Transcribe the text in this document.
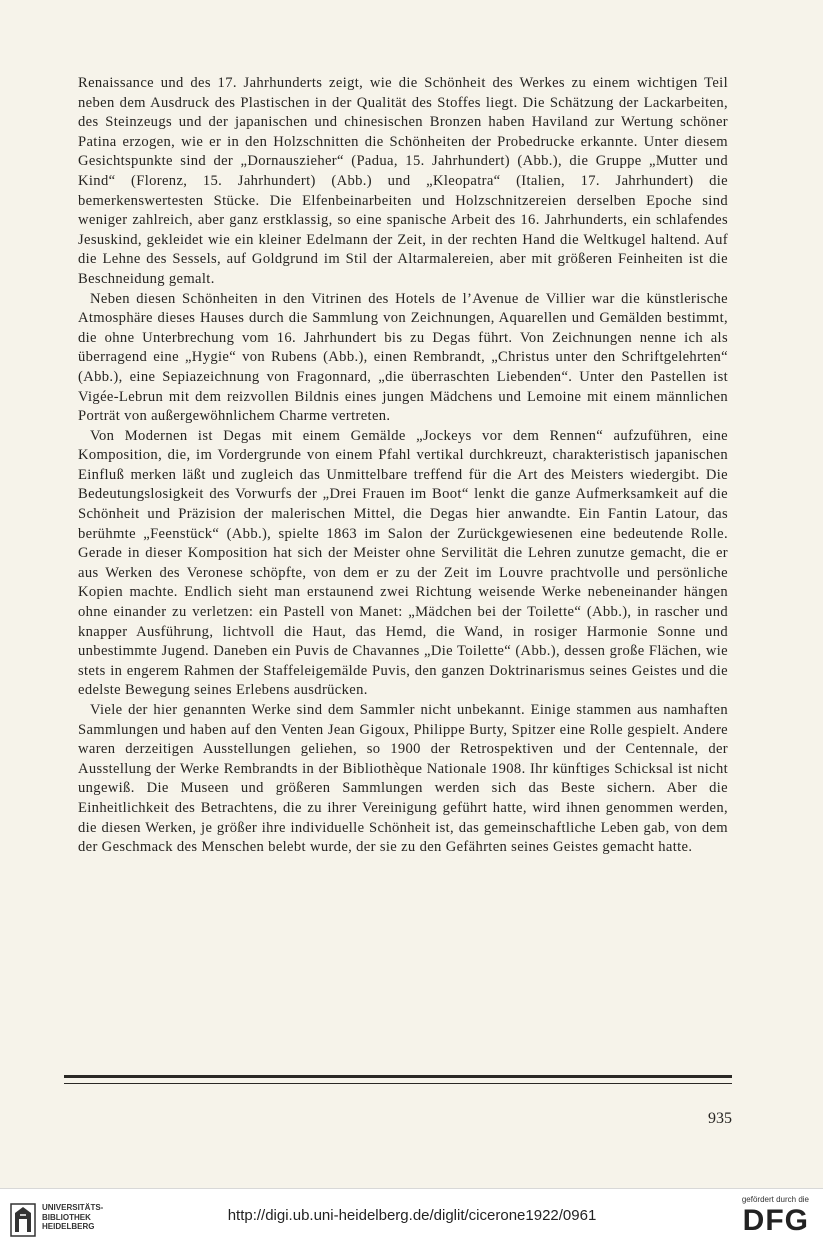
Renaissance und des 17. Jahrhunderts zeigt, wie die Schönheit des Werkes zu einem wichtigen Teil neben dem Ausdruck des Plastischen in der Qualität des Stoffes liegt. Die Schätzung der Lackarbeiten, des Steinzeugs und der japanischen und chinesischen Bronzen haben Haviland zur Wertung schöner Patina erzogen, wie er in den Holzschnitten die Schönheiten der Probedrucke erkannte. Unter diesem Gesichtspunkte sind der „Dornauszieher“ (Padua, 15. Jahrhundert) (Abb.), die Gruppe „Mutter und Kind“ (Florenz, 15. Jahrhundert) (Abb.) und „Kleopatra“ (Italien, 17. Jahrhundert) die bemerkenswertesten Stücke. Die Elfenbeinarbeiten und Holzschnitzereien derselben Epoche sind weniger zahlreich, aber ganz erstklassig, so eine spanische Arbeit des 16. Jahrhunderts, ein schlafendes Jesuskind, gekleidet wie ein kleiner Edelmann der Zeit, in der rechten Hand die Weltkugel haltend. Auf die Lehne des Sessels, auf Goldgrund im Stil der Altarmalereien, aber mit größeren Feinheiten ist die Beschneidung gemalt.

Neben diesen Schönheiten in den Vitrinen des Hotels de l’Avenue de Villier war die künstlerische Atmosphäre dieses Hauses durch die Sammlung von Zeichnungen, Aquarellen und Gemälden bestimmt, die ohne Unterbrechung vom 16. Jahrhundert bis zu Degas führt. Von Zeichnungen nenne ich als überragend eine „Hygie“ von Rubens (Abb.), einen Rembrandt, „Christus unter den Schriftgelehrten“ (Abb.), eine Sepiazeichnung von Fragonnard, „die überraschten Liebenden“. Unter den Pastellen ist Vigée-Lebrun mit dem reizvollen Bildnis eines jungen Mädchens und Lemoine mit einem männlichen Porträt von außergewöhnlichem Charme vertreten.

Von Modernen ist Degas mit einem Gemälde „Jockeys vor dem Rennen“ aufzuführen, eine Komposition, die, im Vordergrunde von einem Pfahl vertikal durchkreuzt, charakteristisch japanischen Einfluß merken läßt und zugleich das Unmittelbare treffend für die Art des Meisters wiedergibt. Die Bedeutungslosigkeit des Vorwurfs der „Drei Frauen im Boot“ lenkt die ganze Aufmerksamkeit auf die Schönheit und Präzision der malerischen Mittel, die Degas hier anwandte. Ein Fantin Latour, das berühmte „Feenstück“ (Abb.), spielte 1863 im Salon der Zurückgewiesenen eine bedeutende Rolle. Gerade in dieser Komposition hat sich der Meister ohne Servilität die Lehren zunutze gemacht, die er aus Werken des Veronese schöpfte, von dem er zu der Zeit im Louvre prachtvolle und persönliche Kopien machte. Endlich sieht man erstaunend zwei Richtung weisende Werke nebeneinander hängen ohne einander zu verletzen: ein Pastell von Manet: „Mädchen bei der Toilette“ (Abb.), in rascher und knapper Ausführung, lichtvoll die Haut, das Hemd, die Wand, in rosiger Harmonie Sonne und unbestimmte Jugend. Daneben ein Puvis de Chavannes „Die Toilette“ (Abb.), dessen große Flächen, wie stets in engerem Rahmen der Staffeleigemälde Puvis, den ganzen Doktrinarismus seines Geistes und die edelste Bewegung seines Erlebens ausdrücken.

Viele der hier genannten Werke sind dem Sammler nicht unbekannt. Einige stammen aus namhaften Sammlungen und haben auf den Venten Jean Gigoux, Philippe Burty, Spitzer eine Rolle gespielt. Andere waren derzeitigen Ausstellungen geliehen, so 1900 der Retrospektiven und der Centennale, der Ausstellung der Werke Rembrandts in der Bibliothèque Nationale 1908. Ihr künftiges Schicksal ist nicht ungewiß. Die Museen und größeren Sammlungen werden sich das Beste sichern. Aber die Einheitlichkeit des Betrachtens, die zu ihrer Vereinigung geführt hatte, wird ihnen genommen werden, die diesen Werken, je größer ihre individuelle Schönheit ist, das gemeinschaftliche Leben gab, von dem der Geschmack des Menschen belebt wurde, der sie zu den Gefährten seines Geistes gemacht hatte.

935
UNIVERSITÄTS-
BIBLIOTHEK
HEIDELBERG
http://digi.ub.uni-heidelberg.de/diglit/cicerone1922/0961
gefördert durch die
DFG
